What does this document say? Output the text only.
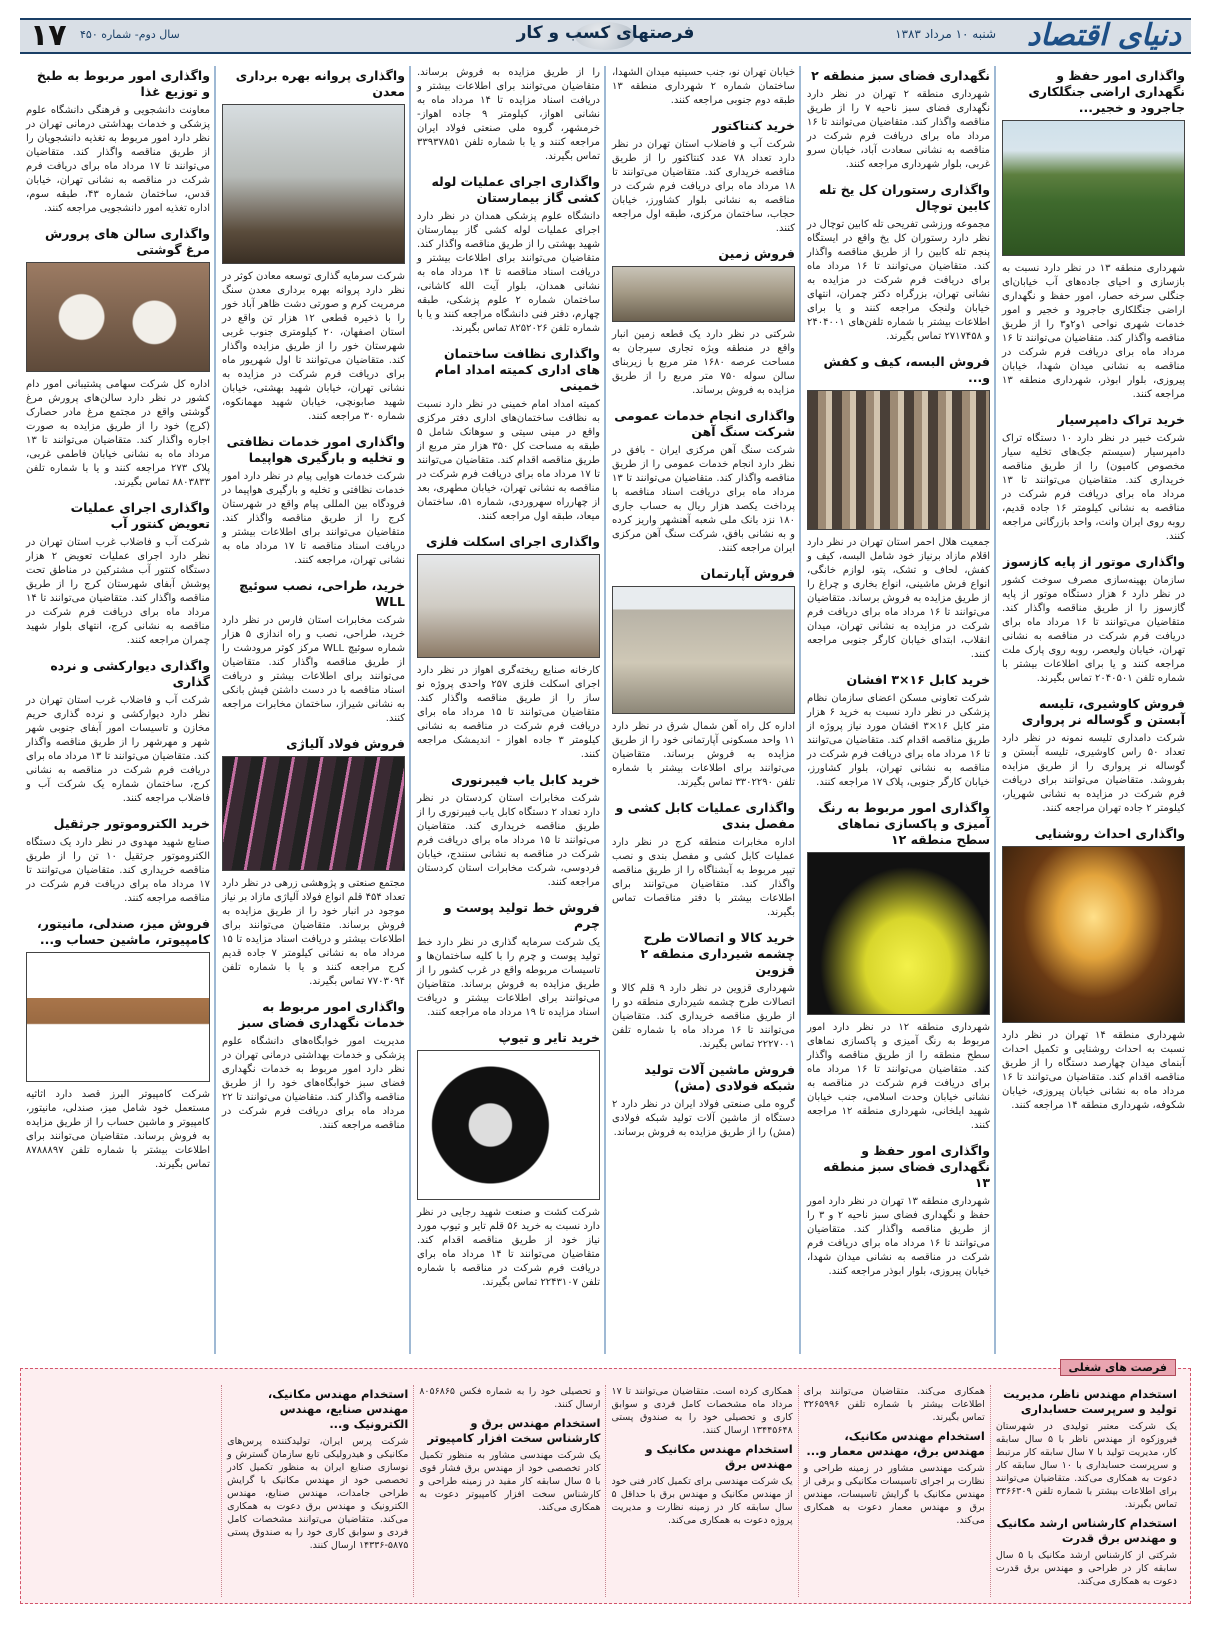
دنیای اقتصاد
شنبه ۱۰ مرداد ۱۳۸۳
فرصتهای کسب و کار
سال دوم- شماره ۴۵۰
۱۷
واگذاری امور حفظ و نگهداری اراضی جنگلکاری جاجرود و خجیر...

شهرداری منطقه ۱۳ در نظر دارد نسبت به بازسازی و احیای جاده‌های آب خیابان‌ای جنگلی سرخه حصار، امور حفظ و نگهداری اراضی جنگلکاری جاجرود و خجیر و امور خدمات شهری نواحی ۱و۲و۳ را از طریق مناقصه واگذار کند. متقاضیان می‌توانند تا ۱۶ مرداد ماه برای دریافت فرم شرکت در مناقصه به نشانی میدان شهدا، خیابان پیروزی، بلوار ابوذر، شهرداری منطقه ۱۳ مراجعه کنند.

خرید تراک دامپرسیار

شرکت خبیر در نظر دارد ۱۰ دستگاه تراک دامپرسیار (سیستم جک‌های تخلیه سیار مخصوص کامیون) را از طریق مناقصه خریداری کند. متقاضیان می‌توانند تا ۱۳ مرداد ماه برای دریافت فرم شرکت در مناقصه به نشانی کیلومتر ۱۶ جاده قدیم، روبه روی ایران وانت، واحد بازرگانی مراجعه کنند.

واگذاری موتور از پایه کازسوز

سازمان بهینه‌سازی مصرف سوخت کشور در نظر دارد ۶ هزار دستگاه موتور از پایه گازسوز را از طریق مناقصه واگذار کند. متقاضیان می‌توانند تا ۱۶ مرداد ماه برای دریافت فرم شرکت در مناقصه به نشانی تهران، خیابان ولیعصر، روبه روی پارک ملت مراجعه کنند و یا برای اطلاعات بیشتر با شماره تلفن ۲۰۴۰۵۰۱ تماس بگیرند.

فروش کاوشیری، تلیسه آبستن و گوساله نر پرواری

شرکت دامداری تلیسه نمونه در نظر دارد تعداد ۵۰ راس کاوشیری، تلیسه آبستن و گوساله نر پرواری را از طریق مزایده بفروشد. متقاضیان می‌توانند برای دریافت فرم شرکت در مزایده به نشانی شهریار، کیلومتر ۲ جاده تهران مراجعه کنند.

واگذاری احداث روشنایی

شهرداری منطقه ۱۴ تهران در نظر دارد نسبت به احداث روشنایی و تکمیل احداث آبنمای میدان چهارصد دستگاه را از طریق مناقصه اقدام کند. متقاضیان می‌توانند تا ۱۶ مرداد ماه به نشانی خیابان پیروزی، خیابان شکوفه، شهرداری منطقه ۱۴ مراجعه کنند.

نگهداری فضای سبز منطقه ۲

شهرداری منطقه ۲ تهران در نظر دارد نگهداری فضای سبز ناحیه ۷ را از طریق مناقصه واگذار کند. متقاضیان می‌توانند تا ۱۶ مرداد ماه برای دریافت فرم شرکت در مناقصه به نشانی سعادت آباد، خیابان سرو غربی، بلوار شهرداری مراجعه کنند.

واگذاری رستوران کل یخ تله کابین توچال

مجموعه ورزشی تفریحی تله کابین توچال در نظر دارد رستوران کل یخ واقع در ایستگاه پنجم تله کابین را از طریق مناقصه واگذار کند. متقاضیان می‌توانند تا ۱۶ مرداد ماه برای دریافت فرم شرکت در مزایده به نشانی تهران، بزرگراه دکتر چمران، انتهای خیابان ولنجک مراجعه کنند و یا برای اطلاعات بیشتر با شماره تلفن‌های ۲۴۰۴۰۰۱ و ۲۷۱۷۴۵۸ تماس بگیرند.

فروش البسه، کیف و کفش و...

جمعیت هلال احمر استان تهران در نظر دارد اقلام مازاد برنیاز خود شامل البسه، کیف و کفش، لحاف و تشک، پتو، لوازم خانگی، انواع فرش ماشینی، انواع بخاری و چراغ را از طریق مزایده به فروش برساند. متقاضیان می‌توانند تا ۱۶ مرداد ماه برای دریافت فرم شرکت در مزایده به نشانی تهران، میدان انقلاب، ابتدای خیابان کارگر جنوبی مراجعه کنند.

خرید کابل ۱۶×۳ افشان

شرکت تعاونی مسکن اعضای سازمان نظام پزشکی در نظر دارد نسبت به خرید ۶ هزار متر کابل ۱۶×۳ افشان مورد نیاز پروژه از طریق مناقصه اقدام کند. متقاضیان می‌توانند تا ۱۶ مرداد ماه برای دریافت فرم شرکت در مناقصه به نشانی تهران، بلوار کشاورز، خیابان کارگر جنوبی، پلاک ۱۷ مراجعه کنند.

واگذاری امور مربوط به رنگ آمیزی و پاکسازی نماهای سطح منطقه ۱۲

شهرداری منطقه ۱۲ در نظر دارد امور مربوط به رنگ آمیزی و پاکسازی نماهای سطح منطقه را از طریق مناقصه واگذار کند. متقاضیان می‌توانند تا ۱۶ مرداد ماه برای دریافت فرم شرکت در مناقصه به نشانی خیابان وحدت اسلامی، جنب خیابان شهید ایلخانی، شهرداری منطقه ۱۲ مراجعه کنند.

واگذاری امور حفظ و نگهداری فضای سبز منطقه ۱۳

شهرداری منطقه ۱۳ تهران در نظر دارد امور حفظ و نگهداری فضای سبز ناحیه ۲ و ۳ را از طریق مناقصه واگذار کند. متقاضیان می‌توانند تا ۱۶ مرداد ماه برای دریافت فرم شرکت در مناقصه به نشانی میدان شهدا، خیابان پیروزی، بلوار ابوذر مراجعه کنند.

خیابان تهران نو، جنب حسینیه میدان الشهدا، ساختمان شماره ۲ شهرداری منطقه ۱۳ طبقه دوم جنوبی مراجعه کنند.

خرید کنتاکتور

شرکت آب و فاضلاب استان تهران در نظر دارد تعداد ۷۸ عدد کنتاکتور را از طریق مناقصه خریداری کند. متقاضیان می‌توانند تا ۱۸ مرداد ماه برای دریافت فرم شرکت در مناقصه به نشانی بلوار کشاورز، خیابان حجاب، ساختمان مرکزی، طبقه اول مراجعه کنند.

فروش زمین

شرکتی در نظر دارد یک قطعه زمین انبار واقع در منطقه ویژه تجاری سیرجان به مساحت عرصه ۱۶۸۰ متر مربع با زیربنای سالن سوله ۷۵۰ متر مربع را از طریق مزایده به فروش برساند.

واگذاری انجام خدمات عمومی شرکت سنگ آهن

شرکت سنگ آهن مرکزی ایران - بافق در نظر دارد انجام خدمات عمومی را از طریق مناقصه واگذار کند. متقاضیان می‌توانند تا ۱۳ مرداد ماه برای دریافت اسناد مناقصه با پرداخت یکصد هزار ریال به حساب جاری ۱۸۰ نزد بانک ملی شعبه آهنشهر واریز کرده و به نشانی بافق، شرکت سنگ آهن مرکزی ایران مراجعه کنند.

فروش آپارتمان

اداره کل راه آهن شمال شرق در نظر دارد ۱۱ واحد مسکونی آپارتمانی خود را از طریق مزایده به فروش برساند. متقاضیان می‌توانند برای اطلاعات بیشتر با شماره تلفن ۳۳۰۲۲۹۰ تماس بگیرند.

واگذاری عملیات کابل کشی و مفصل بندی

اداره مخابرات منطقه کرج در نظر دارد عملیات کابل کشی و مفصل بندی و نصب تیپر مربوط به آبشناگاه را از طریق مناقصه واگذار کند. متقاضیان می‌توانند برای اطلاعات بیشتر با دفتر مناقصات تماس بگیرند.

خرید کالا و اتصالات طرح چشمه شیرداری منطقه ۲ قزوین

شهرداری قزوین در نظر دارد ۹ قلم کالا و اتصالات طرح چشمه شیرداری منطقه دو را از طریق مناقصه خریداری کند. متقاضیان می‌توانند تا ۱۶ مرداد ماه با شماره تلفن ۲۲۲۷۰۰۱ تماس بگیرند.

فروش ماشین آلات تولید شبکه فولادی (مش)

گروه ملی صنعتی فولاد ایران در نظر دارد ۲ دستگاه از ماشین آلات تولید شبکه فولادی (مش) را از طریق مزایده به فروش برساند.

را از طریق مزایده به فروش برساند. متقاضیان می‌توانند برای اطلاعات بیشتر و دریافت اسناد مزایده تا ۱۴ مرداد ماه به نشانی اهواز، کیلومتر ۹ جاده اهواز-خرمشهر، گروه ملی صنعتی فولاد ایران مراجعه کنند و یا با شماره تلفن ۳۳۹۳۷۸۵۱ تماس بگیرند.

واگذاری اجرای عملیات لوله کشی گاز بیمارستان

دانشگاه علوم پزشکی همدان در نظر دارد اجرای عملیات لوله کشی گاز بیمارستان شهید بهشتی را از طریق مناقصه واگذار کند. متقاضیان می‌توانند برای اطلاعات بیشتر و دریافت اسناد مناقصه تا ۱۴ مرداد ماه به نشانی همدان، بلوار آیت الله کاشانی، ساختمان شماره ۲ علوم پزشکی، طبقه چهارم، دفتر فنی دانشگاه مراجعه کنند و یا با شماره تلفن ۸۲۵۲۰۲۶ تماس بگیرند.

واگذاری نظافت ساختمان های اداری کمیته امداد امام خمینی

کمیته امداد امام خمینی در نظر دارد نسبت به نظافت ساختمان‌های اداری دفتر مرکزی واقع در مینی سیتی و سوهانک شامل ۵ طبقه به مساحت کل ۳۵۰ هزار متر مربع از طریق مناقصه اقدام کند. متقاضیان می‌توانند تا ۱۷ مرداد ماه برای دریافت فرم شرکت در مناقصه به نشانی تهران، خیابان مطهری، بعد از چهارراه سهروردی، شماره ۵۱، ساختمان میعاد، طبقه اول مراجعه کنند.

واگذاری اجرای اسکلت فلزی

کارخانه صنایع ریخته‌گری اهواز در نظر دارد اجرای اسکلت فلزی ۲۵۷ واحدی پروژه نو ساز را از طریق مناقصه واگذار کند. متقاضیان می‌توانند تا ۱۵ مرداد ماه برای دریافت فرم شرکت در مناقصه به نشانی کیلومتر ۳ جاده اهواز - اندیمشک مراجعه کنند.

خرید کابل یاب فیبرنوری

شرکت مخابرات استان کردستان در نظر دارد تعداد ۲ دستگاه کابل یاب فیبرنوری را از طریق مناقصه خریداری کند. متقاضیان می‌توانند تا ۱۵ مرداد ماه برای دریافت فرم شرکت در مناقصه به نشانی سنندج، خیابان فردوسی، شرکت مخابرات استان کردستان مراجعه کنند.

فروش خط تولید پوست و چرم

یک شرکت سرمایه گذاری در نظر دارد خط تولید پوست و چرم را با کلیه ساختمان‌ها و تاسیسات مربوطه واقع در غرب کشور را از طریق مزایده به فروش برساند. متقاضیان می‌توانند برای اطلاعات بیشتر و دریافت اسناد مزایده تا ۱۹ مرداد ماه مراجعه کنند.

خرید تایر و تیوپ

شرکت کشت و صنعت شهید رجایی در نظر دارد نسبت به خرید ۵۶ قلم تایر و تیوپ مورد نیاز خود از طریق مناقصه اقدام کند. متقاضیان می‌توانند تا ۱۴ مرداد ماه برای دریافت فرم شرکت در مناقصه با شماره تلفن ۲۲۴۳۱۰۷ تماس بگیرند.

واگذاری پروانه بهره برداری معدن

شرکت سرمایه گذاری توسعه معادن کوثر در نظر دارد پروانه بهره برداری معدن سنگ مرمریت کرم و صورتی دشت ظاهر آباد خور را با ذخیره قطعی ۱۲ هزار تن واقع در استان اصفهان، ۲۰ کیلومتری جنوب غربی شهرستان خور را از طریق مزایده واگذار کند. متقاضیان می‌توانند تا اول شهریور ماه برای دریافت فرم شرکت در مزایده به نشانی تهران، خیابان شهید بهشتی، خیابان شهید صابونچی، خیابان شهید مهمانکوه، شماره ۳۰ مراجعه کنند.

واگذاری امور خدمات نظافتی و تخلیه و بارگیری هواپیما

شرکت خدمات هوایی پیام در نظر دارد امور خدمات نظافتی و تخلیه و بارگیری هواپیما در فرودگاه بین المللی پیام واقع در شهرستان کرج را از طریق مناقصه واگذار کند. متقاضیان می‌توانند برای اطلاعات بیشتر و دریافت اسناد مناقصه تا ۱۷ مرداد ماه به نشانی تهران، مراجعه کنند.

خرید، طراحی، نصب سوئیچ WLL

شرکت مخابرات استان فارس در نظر دارد خرید، طراحی، نصب و راه اندازی ۵ هزار شماره سوئیچ WLL مرکز کوثر مرودشت را از طریق مناقصه واگذار کند. متقاضیان می‌توانند برای اطلاعات بیشتر و دریافت اسناد مناقصه با در دست داشتن فیش بانکی به نشانی شیراز، ساختمان مخابرات مراجعه کنند.

فروش فولاد آلیاژی

مجتمع صنعتی و پژوهشی زرهی در نظر دارد تعداد ۴۵۴ قلم انواع فولاد آلیاژی مازاد بر نیاز موجود در انبار خود را از طریق مزایده به فروش برساند. متقاضیان می‌توانند برای اطلاعات بیشتر و دریافت اسناد مزایده تا ۱۵ مرداد ماه به نشانی کیلومتر ۷ جاده قدیم کرج مراجعه کنند و یا با شماره تلفن ۷۷۰۳۰۹۴ تماس بگیرند.

واگذاری امور مربوط به خدمات نگهداری فضای سبز

مدیریت امور خوابگاه‌های دانشگاه علوم پزشکی و خدمات بهداشتی درمانی تهران در نظر دارد امور مربوط به خدمات نگهداری فضای سبز خوابگاه‌های خود را از طریق مناقصه واگذار کند. متقاضیان می‌توانند تا ۲۲ مرداد ماه برای دریافت فرم شرکت در مناقصه مراجعه کنند.

واگذاری امور مربوط به طبخ و توزیع غذا

معاونت دانشجویی و فرهنگی دانشگاه علوم پزشکی و خدمات بهداشتی درمانی تهران در نظر دارد امور مربوط به تغذیه دانشجویان را از طریق مناقصه واگذار کند. متقاضیان می‌توانند تا ۱۷ مرداد ماه برای دریافت فرم شرکت در مناقصه به نشانی تهران، خیابان قدس، ساختمان شماره ۴۳، طبقه سوم، اداره تغذیه امور دانشجویی مراجعه کنند.

واگذاری سالن های پرورش مرغ گوشتی

اداره کل شرکت سهامی پشتیبانی امور دام کشور در نظر دارد سالن‌های پرورش مرغ گوشتی واقع در مجتمع مرغ مادر حصارک (کرج) خود را از طریق مزایده به صورت اجاره واگذار کند. متقاضیان می‌توانند تا ۱۳ مرداد ماه به نشانی خیابان فاطمی غربی، پلاک ۲۷۳ مراجعه کنند و یا با شماره تلفن ۸۸۰۳۸۳۳ تماس بگیرند.

واگذاری اجرای عملیات تعویض کنتور آب

شرکت آب و فاضلاب غرب استان تهران در نظر دارد اجرای عملیات تعویض ۲ هزار دستگاه کنتور آب مشترکین در مناطق تحت پوشش آبفای شهرستان کرج را از طریق مناقصه واگذار کند. متقاضیان می‌توانند تا ۱۴ مرداد ماه برای دریافت فرم شرکت در مناقصه به نشانی کرج، انتهای بلوار شهید چمران مراجعه کنند.

واگذاری دیوارکشی و نرده گذاری

شرکت آب و فاضلاب غرب استان تهران در نظر دارد دیوارکشی و نرده گذاری حریم مخازن و تاسیسات امور آبفای جنوبی شهر شهر و مهرشهر را از طریق مناقصه واگذار کند. متقاضیان می‌توانند تا ۱۳ مرداد ماه برای دریافت فرم شرکت در مناقصه به نشانی کرج، ساختمان شماره یک شرکت آب و فاضلاب مراجعه کنند.

خرید الکتروموتور جرثقیل

صنایع شهید مهدوی در نظر دارد یک دستگاه الکتروموتور جرثقیل ۱۰ تن را از طریق مناقصه خریداری کند. متقاضیان می‌توانند تا ۱۷ مرداد ماه برای دریافت فرم شرکت در مناقصه مراجعه کنند.

فروش میز، صندلی، مانیتور، کامپیوتر، ماشین حساب و...

شرکت کامپیوتر البرز قصد دارد اثاثیه مستعمل خود شامل میز، صندلی، مانیتور، کامپیوتر و ماشین حساب را از طریق مزایده به فروش برساند. متقاضیان می‌توانند برای اطلاعات بیشتر با شماره تلفن ۸۷۸۸۸۹۷ تماس بگیرند.

فرصت های شغلی
استخدام مهندس ناظر، مدیریت تولید و سرپرست حسابداری

یک شرکت معتبر تولیدی در شهرستان فیروزکوه از مهندس ناظر با ۵ سال سابقه کار، مدیریت تولید با ۷ سال سابقه کار مرتبط و سرپرست حسابداری با ۱۰ سال سابقه کار دعوت به همکاری می‌کند. متقاضیان می‌توانند برای اطلاعات بیشتر با شماره تلفن ۳۳۶۶۳۰۹ تماس بگیرند.

استخدام کارشناس ارشد مکانیک و مهندس برق قدرت

شرکتی از کارشناس ارشد مکانیک با ۵ سال سابقه کار در طراحی و مهندس برق قدرت دعوت به همکاری می‌کند.

همکاری می‌کند. متقاضیان می‌توانند برای اطلاعات بیشتر با شماره تلفن ۳۲۶۵۹۹۶ تماس بگیرند.

استخدام مهندس مکانیک، مهندس برق، مهندس معمار و...

شرکت مهندسی مشاور در زمینه طراحی و نظارت بر اجرای تاسیسات مکانیکی و برقی از مهندس مکانیک با گرایش تاسیسات، مهندس برق و مهندس معمار دعوت به همکاری می‌کند.

همکاری کرده است. متقاضیان می‌توانند تا ۱۷ مرداد ماه مشخصات کامل فردی و سوابق کاری و تحصیلی خود را به صندوق پستی ۱۳۴۴۵۶۴۸ ارسال کنند.

استخدام مهندس مکانیک و مهندس برق

یک شرکت مهندسی برای تکمیل کادر فنی خود از مهندس مکانیک و مهندس برق با حداقل ۵ سال سابقه کار در زمینه نظارت و مدیریت پروژه دعوت به همکاری می‌کند.

و تحصیلی خود را به شماره فکس ۸۰۵۶۸۶۵ ارسال کنند.

استخدام مهندس برق و کارشناس سخت افزار کامپیوتر

یک شرکت مهندسی مشاور به منظور تکمیل کادر تخصصی خود از مهندس برق فشار قوی با ۵ سال سابقه کار مفید در زمینه طراحی و کارشناس سخت افزار کامپیوتر دعوت به همکاری می‌کند.

استخدام مهندس مکانیک، مهندس صنایع، مهندس الکترونیک و...

شرکت پرس ایران، تولیدکننده پرس‌های مکانیکی و هیدرولیکی تابع سازمان گسترش و نوسازی صنایع ایران به منظور تکمیل کادر تخصصی خود از مهندس مکانیک با گرایش طراحی جامدات، مهندس صنایع، مهندس الکترونیک و مهندس برق دعوت به همکاری می‌کند. متقاضیان می‌توانند مشخصات کامل فردی و سوابق کاری خود را به صندوق پستی ۵۸۷۵-۱۴۳۳۶ ارسال کنند.
